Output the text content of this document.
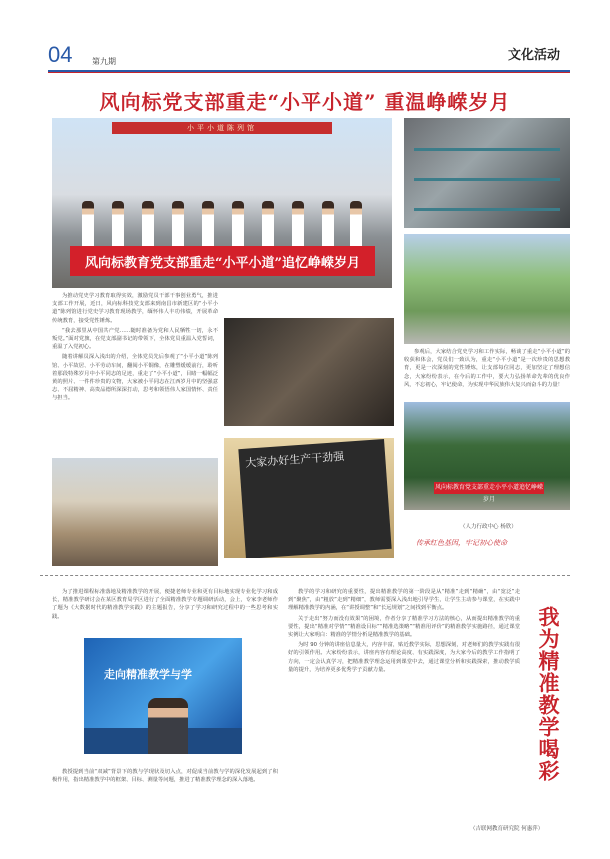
04 第九期	文化活动
风向标党支部重走“小平小道” 重温峥嵘岁月
小平小道陈列馆
风向标教育党支部重走“小平小道”追忆峥嵘岁月

为推动党史学习教育取得实效，激励党员干部干事创业勇气，推进支部工作开展，近日，风向标科技党支部来到南昌市新建区的“小平小道”陈列馆进行党史学习教育现场教学，缅怀伟人丰功伟绩，开展革命传统教育，接受党性锤炼。

“我去那里从中国共产党……随时准备为党和人民牺牲一切，永不叛党。”面对党旗，在党支部副书记的带领下，全体党员重温入党誓词，重温了入党初心。

随着讲解员深入浅出的介绍，全体党员先后参观了“小平小道”陈列馆、小平故居、小平劳动车间，翻阅小平铜像，在雕塑缓缓前行，聆听着那段特殊岁月中小平同志的足迹，重走了“小平小道”，目睹一幅幅泛黄的照片、一件件珍贵的文物，大家被小平同志在江西岁月中的坚强意志、不屈精神、高贵品德所深深打动，思考和领悟伟人家国情怀、责任与担当。

参观后，大家结合党史学习和工作实际，畅谈了重走“小平小道”的收获和体会，党员们一致认为，重走“小平小道”是一次珍贵的思想教育，更是一次深刻的党性锤炼，让支部每位同志，更加坚定了理想信念，大家纷纷表示，在今后的工作中，要大力弘扬革命先辈的优良作风，不忘初心，牢记使命，为实现中华民族伟大复兴而奋斗的力量！

风向标教育党支部重走小平小道追忆峥嵘岁月
大家办好生产干劲强
（人力行政中心 杨欣）
传承红色基因，牢记初心使命

为了推进课程标准落地及精准教学的开展，便捷老师专业和更有目标地实现专业化学习和成长，精准教学研讨会在某区教育局学区进行了全面精准教学专题调研活动，会上，专家李老师作了题为《大数据时代的精准教学实践》的主题报告，分享了学习和研究过程中的一些思考和实践。

走向精准教学与学

教授提到当前“双减”背景下的教与学现状及切入点，对促成当前教与学的深化发展起到了积极作用，指出精准教学中的框架、目标、测量等问题，推进了精准教学理念的深入落地。

教学的学习和研究的重要性，提出精准教学的第一阶段是从“精准”走到“精确”，由“宽泛”走到“聚焦”，由“粗放”走到“精细”，教师需要深入浅出地引导学生，让学生主动参与课堂，在实践中理解精准教学的内涵，在“讲授调整”和“长远规划”之间找到平衡点。

关于走出“努力而没有效果”的困境，作者分享了精准学习方法的核心，从而提出精准教学的重要性，提出“精准对学情”“精准设目标”“精准选策略”“精准用评价”的精准教学实施路径，通过课堂实例让大家明白：精准的学情分析是精准教学的基础。

为时 90 分钟的讲座信息量大，内容丰富，贴近教学实际，思想深刻，对老师们的教学实践有很好的引领作用。大家纷纷表示，讲座内容有理论高度、有实践深度，为大家今后的教学工作指明了方向，一定会认真学习，把精准教学理念运用到课堂中去，通过课堂分析和实践探索，推动教学质量的提升，为培养更多优秀学子贡献力量。	我为精准教学喝彩
（吉联网教育研究院 何惠萍）
